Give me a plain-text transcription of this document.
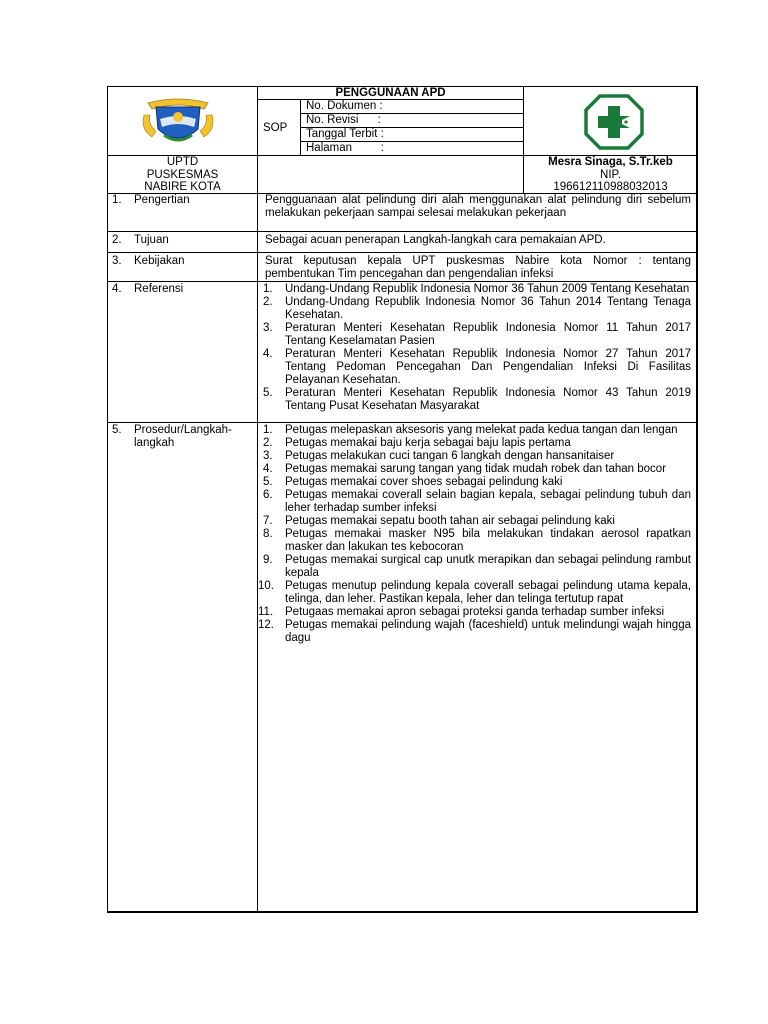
PENGGUNAAN APD
SOP
No. Dokumen :
No. Revisi      :
Tanggal Terbit :
Halaman         :
UPTD
PUSKESMAS
NABIRE KOTA
Mesra Sinaga, S.Tr.keb
NIP.
196612110988032013
1. Pengertian	Pengguanaan alat pelindung diri alah menggunakan alat pelindung diri sebelum melakukan pekerjaan sampai selesai melakukan pekerjaan
2. Tujuan	Sebagai acuan penerapan Langkah-langkah cara pemakaian APD.
3. Kebijakan	Surat keputusan kepala UPT puskesmas Nabire kota Nomor : tentang pembentukan Tim pencegahan dan pengendalian infeksi
4. Referensi	1. Undang-Undang Republik Indonesia Nomor 36 Tahun 2009 Tentang Kesehatan
2. Undang-Undang Republik Indonesia Nomor 36 Tahun 2014 Tentang Tenaga Kesehatan.
3. Peraturan Menteri Kesehatan Republik Indonesia Nomor 11 Tahun 2017 Tentang Keselamatan Pasien
4. Peraturan Menteri Kesehatan Republik Indonesia Nomor 27 Tahun 2017 Tentang Pedoman Pencegahan Dan Pengendalian Infeksi Di Fasilitas Pelayanan Kesehatan.
5. Peraturan Menteri Kesehatan Republik Indonesia Nomor 43 Tahun 2019 Tentang Pusat Kesehatan Masyarakat
5. Prosedur/Langkah-langkah
1. Petugas melepaskan aksesoris yang melekat pada kedua tangan dan lengan
2. Petugas memakai baju kerja sebagai baju lapis pertama
3. Petugas melakukan cuci tangan 6 langkah dengan hansanitaiser
4. Petugas memakai sarung tangan yang tidak mudah robek dan tahan bocor
5. Petugas memakai cover shoes sebagai pelindung kaki
6. Petugas memakai coverall selain bagian kepala, sebagai pelindung tubuh dan leher terhadap sumber infeksi
7. Petugas memakai sepatu booth tahan air sebagai pelindung kaki
8. Petugas memakai masker N95 bila melakukan tindakan aerosol rapatkan masker dan lakukan tes kebocoran
9. Petugas memakai surgical cap unutk merapikan dan sebagai pelindung rambut kepala
10. Petugas menutup pelindung kepala coverall sebagai pelindung utama kepala, telinga, dan leher. Pastikan kepala, leher dan telinga tertutup rapat
11. Petugaas memakai apron sebagai proteksi ganda terhadap sumber infeksi
12. Petugas memakai pelindung wajah (faceshield) untuk melindungi wajah hingga dagu
